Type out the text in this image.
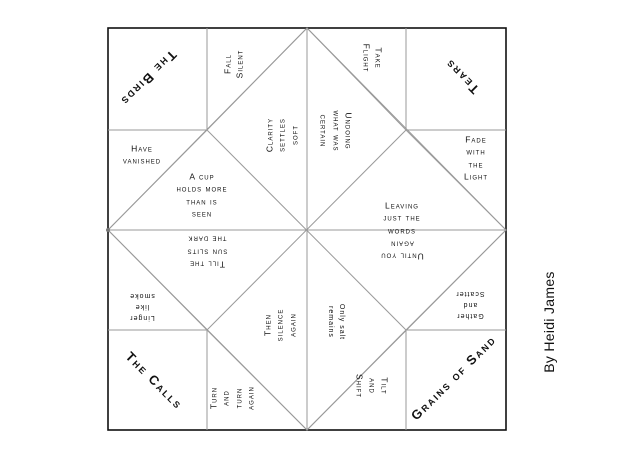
The Birds	Tears
The Calls	Grains of Sand
Fall
Silent	Take
Flight
Have
vanished
Fade
with
the
Light
Linger
like
smoke
Gather
and
Scatter
Turn
and
turn
again
Tilt
and
Shift
Clarity
settles
soft	Undoing
what was
certain
A cup
holds more
than is
seen
Leaving
just the
words
Till the
sun slits
the dark
Until you
again
Then
silence
again
Only salt
remains	By Heidi James
